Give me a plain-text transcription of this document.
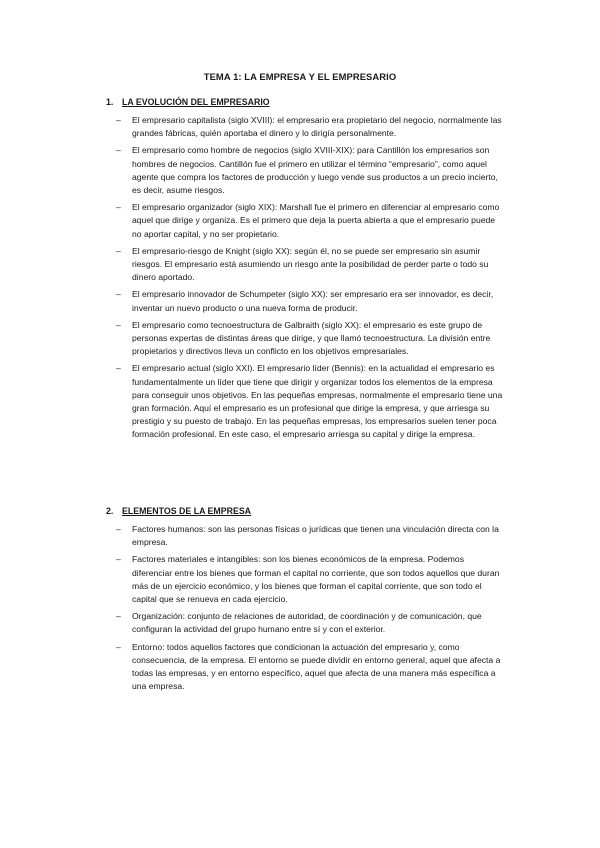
TEMA 1: LA EMPRESA Y EL EMPRESARIO
1. LA EVOLUCIÓN DEL EMPRESARIO
–	El empresario capitalista (siglo XVIII): el empresario era propietario del negocio, normalmente las grandes fábricas, quién aportaba el dinero y lo dirigía personalmente.
–	El empresario como hombre de negocios (siglo XVIII-XIX): para Cantillón los empresarios son hombres de negocios. Cantillón fue el primero en utilizar el término “empresario”, como aquel agente que compra los factores de producción y luego vende sus productos a un precio incierto, es decir, asume riesgos.
–	El empresario organizador (siglo XIX): Marshall fue el primero en diferenciar al empresario como aquel que dirige y organiza. Es el primero que deja la puerta abierta a que el empresario puede no aportar capital, y no ser propietario.
–	El empresario-riesgo de Knight (siglo XX): según él, no se puede ser empresario sin asumir riesgos. El empresario está asumiendo un riesgo ante la posibilidad de perder parte o todo su dinero aportado.
–	El empresario innovador de Schumpeter (siglo XX): ser empresario era ser innovador, es decir, inventar un nuevo producto o una nueva forma de producir.
–	El empresario como tecnoestructura de Galbraith (siglo XX): el empresario es este grupo de personas expertas de distintas áreas que dirige, y que llamó tecnoestructura. La división entre propietarios y directivos lleva un conflicto en los objetivos empresariales.
–	El empresario actual (siglo XXI). El empresario líder (Bennis): en la actualidad el empresario es fundamentalmente un líder que tiene que dirigir y organizar todos los elementos de la empresa para conseguir unos objetivos. En las pequeñas empresas, normalmente el empresario tiene una gran formación. Aquí el empresario es un profesional que dirige la empresa, y que arriesga su prestigio y su puesto de trabajo. En las pequeñas empresas, los empresarios suelen tener poca formación profesional. En este caso, el empresario arriesga su capital y dirige la empresa.
2. ELEMENTOS DE LA EMPRESA
–	Factores humanos: son las personas físicas o jurídicas que tienen una vinculación directa con la empresa.
–	Factores materiales e intangibles: son los bienes económicos de la empresa. Podemos diferenciar entre los bienes que forman el capital no corriente, que son todos aquellos que duran más de un ejercicio económico, y los bienes que forman el capital corriente, que son todo el capital que se renueva en cada ejercicio.
–	Organización: conjunto de relaciones de autoridad, de coordinación y de comunicación, que configuran la actividad del grupo humano entre sí y con el exterior.
–	Entorno: todos aquellos factores que condicionan la actuación del empresario y, como consecuencia, de la empresa. El entorno se puede dividir en entorno general, aquel que afecta a todas las empresas, y en entorno específico, aquel que afecta de una manera más específica a una empresa.
